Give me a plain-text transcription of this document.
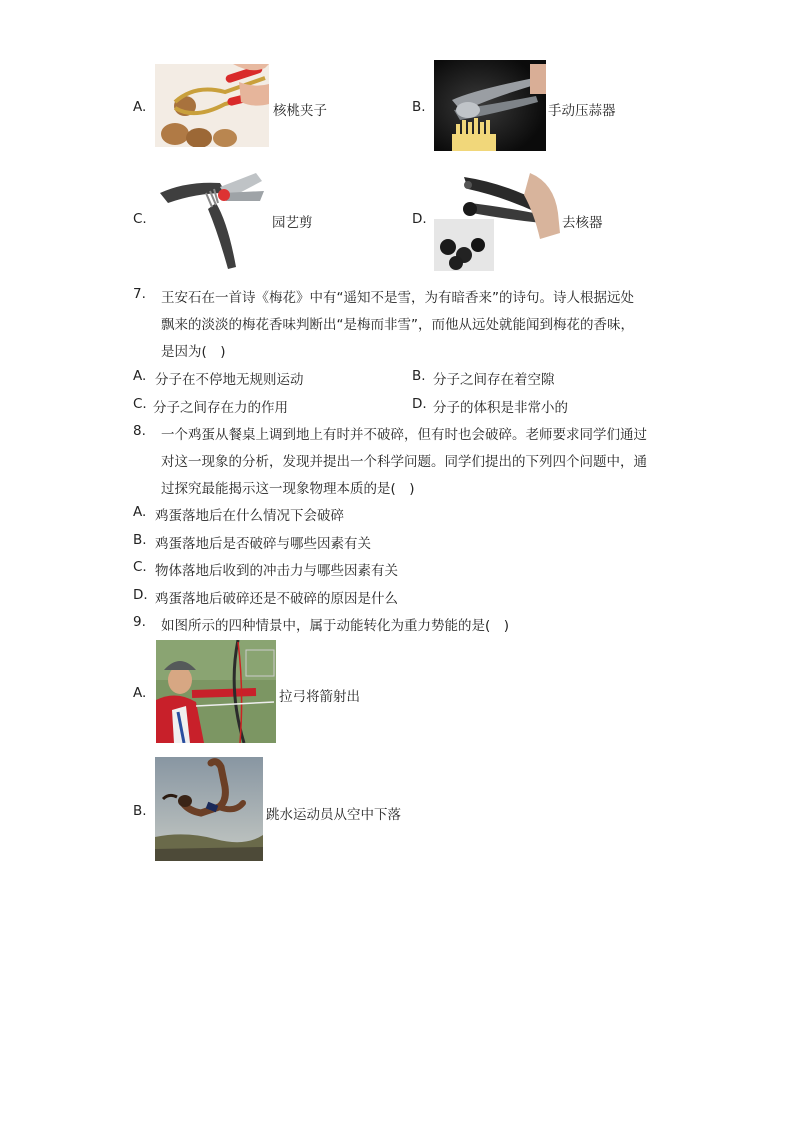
A.	核桃夹子	B.	手动压蒜器
C.	园艺剪	D.	去核器
7. 王安石在一首诗《梅花》中有“遥知不是雪，为有暗香来”的诗句。诗人根据远处
飘来的淡淡的梅花香味判断出“是梅而非雪”，而他从远处就能闻到梅花的香味，
是因为(　)
A. 分子在不停地无规则运动	B. 分子之间存在着空隙
C. 分子之间存在力的作用	D. 分子的体积是非常小的
8. 一个鸡蛋从餐桌上调到地上有时并不破碎，但有时也会破碎。老师要求同学们通过
对这一现象的分析，发现并提出一个科学问题。同学们提出的下列四个问题中，通
过探究最能揭示这一现象物理本质的是(　)
A. 鸡蛋落地后在什么情况下会破碎
B. 鸡蛋落地后是否破碎与哪些因素有关
C. 物体落地后收到的冲击力与哪些因素有关
D. 鸡蛋落地后破碎还是不破碎的原因是什么
9. 如图所示的四种情景中，属于动能转化为重力势能的是(　)
A.	拉弓将箭射出
B.	跳水运动员从空中下落
